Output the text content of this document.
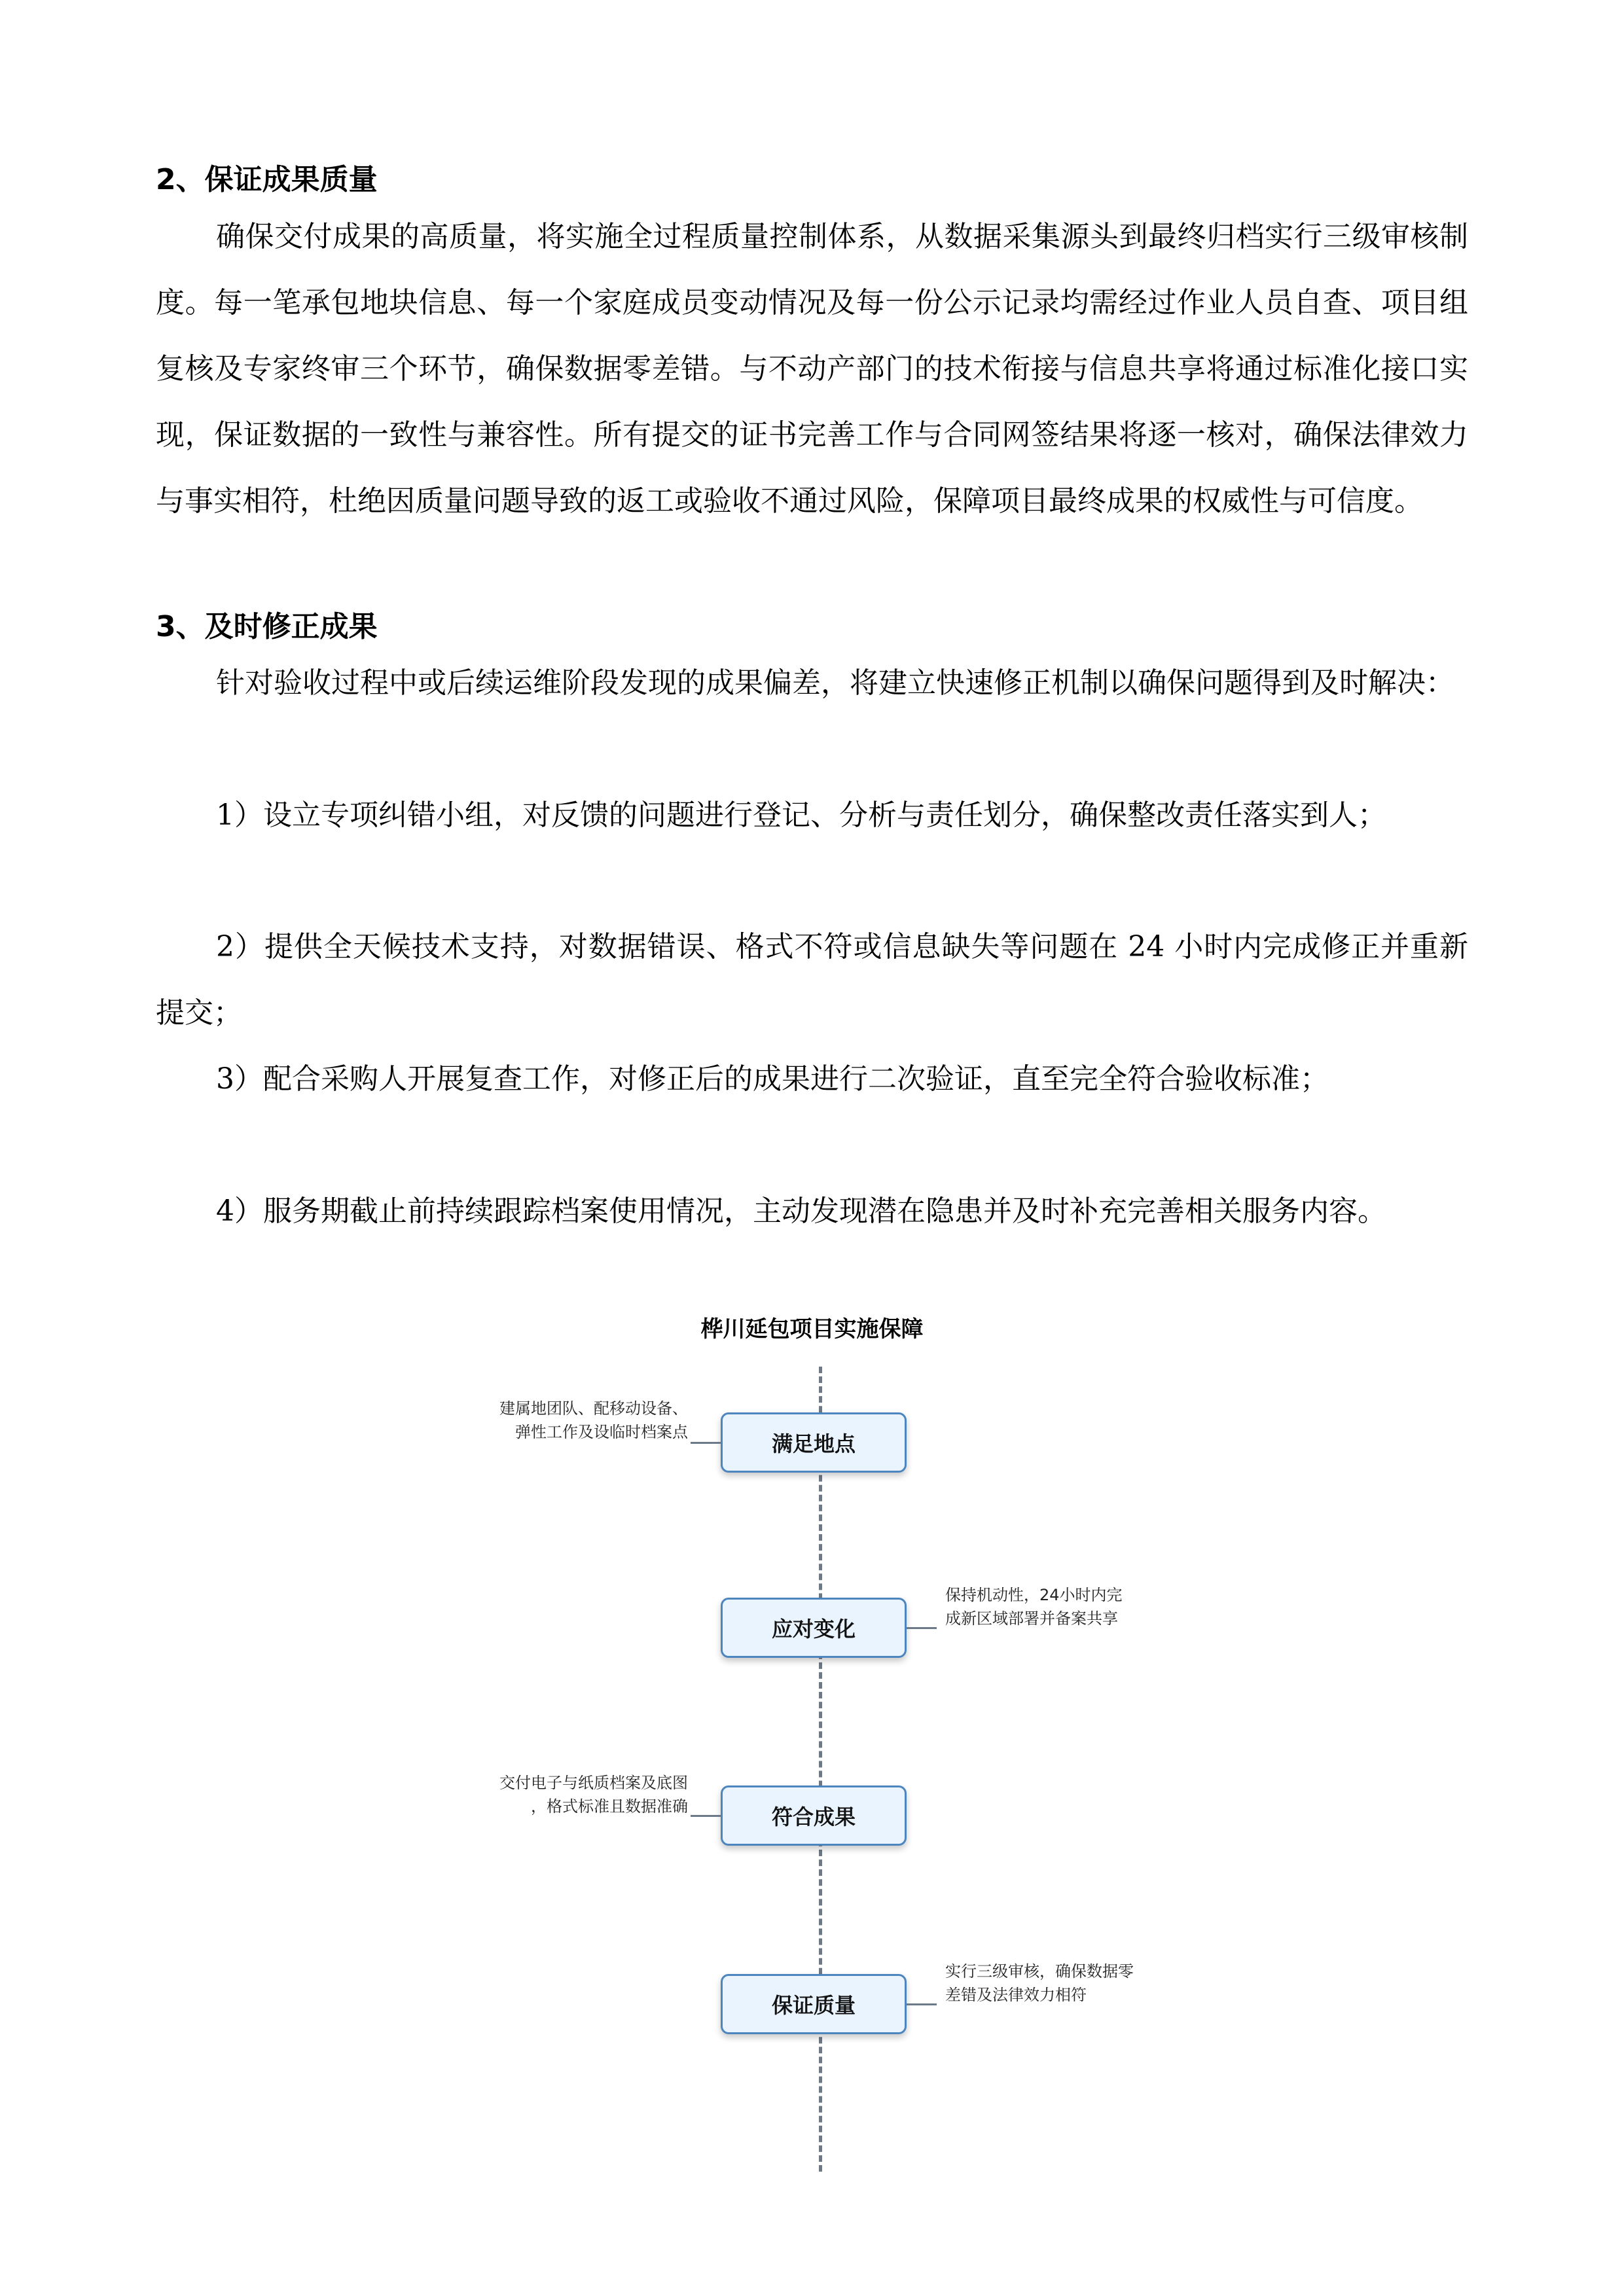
2、保证成果质量
确保交付成果的高质量，将实施全过程质量控制体系，从数据采集源头到最终归档实行三级审核制度。每一笔承包地块信息、每一个家庭成员变动情况及每一份公示记录均需经过作业人员自查、项目组复核及专家终审三个环节，确保数据零差错。与不动产部门的技术衔接与信息共享将通过标准化接口实现，保证数据的一致性与兼容性。所有提交的证书完善工作与合同网签结果将逐一核对，确保法律效力与事实相符，杜绝因质量问题导致的返工或验收不通过风险，保障项目最终成果的权威性与可信度。
3、及时修正成果
针对验收过程中或后续运维阶段发现的成果偏差，将建立快速修正机制以确保问题得到及时解决：
1）设立专项纠错小组，对反馈的问题进行登记、分析与责任划分，确保整改责任落实到人；
2）提供全天候技术支持，对数据错误、格式不符或信息缺失等问题在 24 小时内完成修正并重新提交；
3）配合采购人开展复查工作，对修正后的成果进行二次验证，直至完全符合验收标准；
4）服务期截止前持续跟踪档案使用情况，主动发现潜在隐患并及时补充完善相关服务内容。
桦川延包项目实施保障
满足地点
建属地团队、配移动设备、
弹性工作及设临时档案点
应对变化
保持机动性，24小时内完
成新区域部署并备案共享
符合成果
交付电子与纸质档案及底图
，格式标准且数据准确
保证质量
实行三级审核，确保数据零
差错及法律效力相符
